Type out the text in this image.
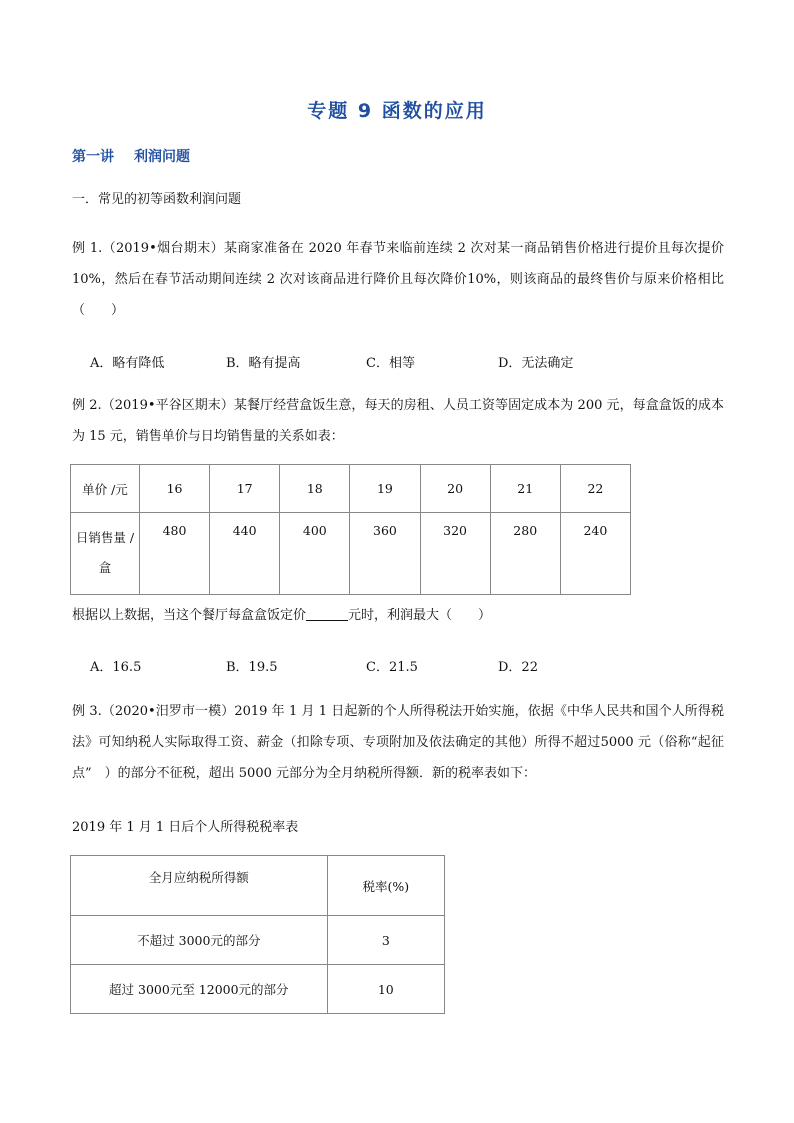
专题 9 函数的应用
第一讲 利润问题
一．常见的初等函数利润问题
例 1.（2019•烟台期末）某商家准备在 2020 年春节来临前连续 2 次对某一商品销售价格进行提价且每次提价10%，然后在春节活动期间连续 2 次对该商品进行降价且每次降价10%，则该商品的最终售价与原来价格相比（　　）
A．略有降低	B．略有提高	C．相等	D．无法确定
例 2.（2019•平谷区期末）某餐厅经营盒饭生意，每天的房租、人员工资等固定成本为 200 元，每盒盒饭的成本为 15 元，销售单价与日均销售量的关系如表：
单价 /元	16	17	18	19	20	21	22

日销售量 /
盒	480	440	400	360	320	280	240
根据以上数据，当这个餐厅每盒盒饭定价	元时，利润最大（　　）
A．16.5	B．19.5	C．21.5	D．22
例 3.（2020•汨罗市一模）2019 年 1 月 1 日起新的个人所得税法开始实施，依据《中华人民共和国个人所得税法》可知纳税人实际取得工资、薪金（扣除专项、专项附加及依法确定的其他）所得不超过5000 元（俗称“起征点”　）的部分不征税，超出 5000 元部分为全月纳税所得额．新的税率表如下：
2019 年 1 月 1 日后个人所得税税率表
全月应纳税所得额	税率(%)
不超过 3000元的部分	3
超过 3000元至 12000元的部分	10
